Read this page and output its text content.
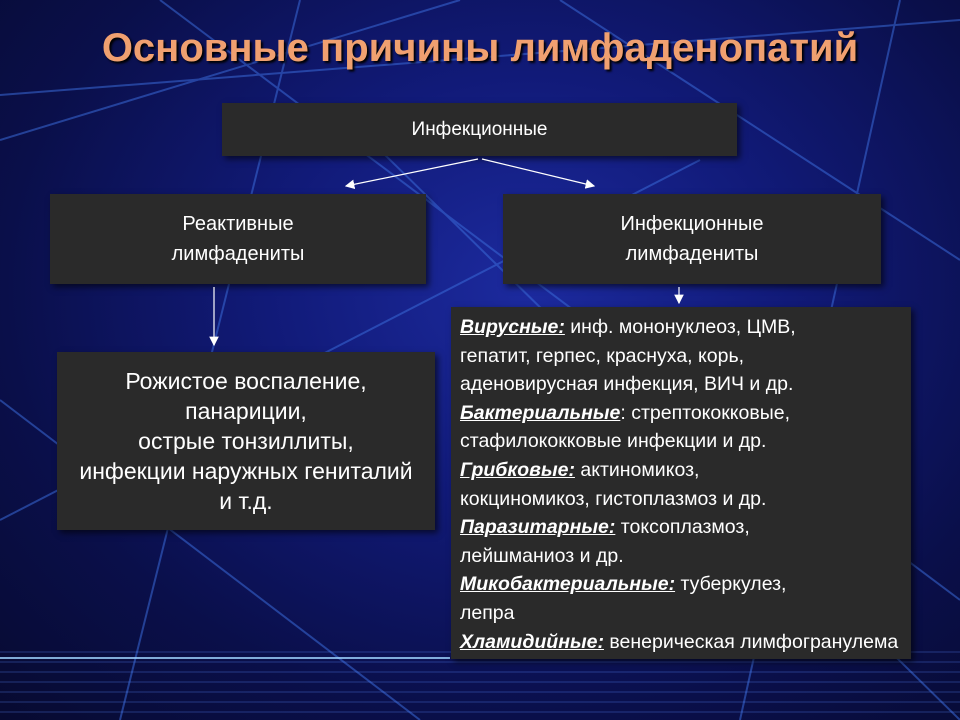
Основные причины лимфаденопатий
Инфекционные
Реактивные
лимфадениты
Инфекционные
лимфадениты
Рожистое воспаление,
панариции,
острые тонзиллиты,
инфекции наружных гениталий
и т.д.
Вирусные: инф. мононуклеоз, ЦМВ,
гепатит, герпес, краснуха, корь,
аденовирусная инфекция, ВИЧ и др.
Бактериальные: стрептококковые,
стафилококковые инфекции и др.
Грибковые: актиномикоз,
кокциномикоз, гистоплазмоз и др.
Паразитарные: токсоплазмоз,
лейшманиоз и др.
Микобактериальные: туберкулез,
лепра
Хламидийные: венерическая лимфогранулема
